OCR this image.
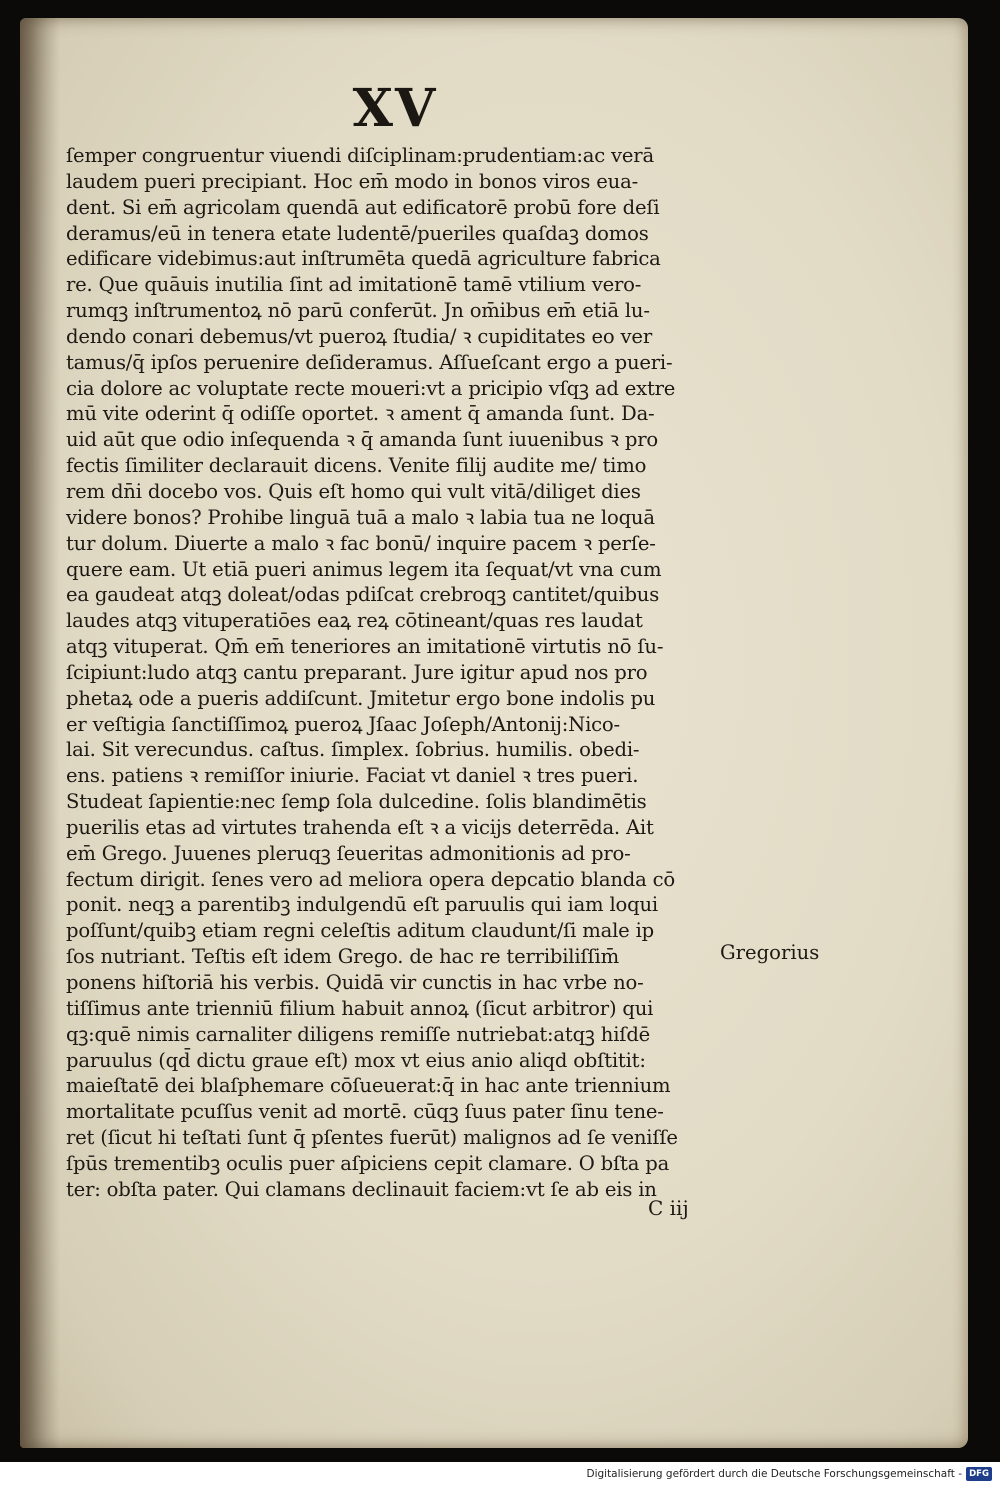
XV
ſemper congruentur viuendi diſciplinam:prudentiam:ac verā
laudem pueri precipiant. Hoc em̄ modo in bonos viros eua-
dent. Si em̄ agricolam quendā aut edificatorē probū fore deſi
deramus/eū in tenera etate ludentē/pueriles quaſdaꝫ domos
edificare videbimus:aut inſtrumēta quedā agriculture fabrica
re. Que quāuis inutilia ſint ad imitationē tamē vtilium vero-
rumqꝫ inſtrumentoꝝ nō parū conferūt. Jn om̄ibus em̄ etiā lu-
dendo conari debemus/vt pueroꝝ ſtudia/ ꝛ cupiditates eo ver
tamus/q̄ ipſos peruenire deſideramus. Aſſueſcant ergo a pueri-
cia dolore ac voluptate recte moueri:vt a pricipio vſqꝫ ad extre
mū vite oderint q̄ odiſſe oportet. ꝛ ament q̄ amanda ſunt. Da-
uid aūt que odio inſequenda ꝛ q̄ amanda ſunt iuuenibus ꝛ pro
fectis ſimiliter declarauit dicens. Venite filij audite me/ timo
rem dn̄i docebo vos. Quis eſt homo qui vult vitā/diliget dies
videre bonos? Prohibe linguā tuā a malo ꝛ labia tua ne loquā
tur dolum. Diuerte a malo ꝛ fac bonū/ inquire pacem ꝛ perſe-
quere eam. Ut etiā pueri animus legem ita ſequat/vt vna cum
ea gaudeat atqꝫ doleat/odas pdiſcat crebroqꝫ cantitet/quibus
laudes atqꝫ vituperatiōes eaꝝ reꝝ cōtineant/quas res laudat
atqꝫ vituperat. Qm̄ em̄ teneriores an imitationē virtutis nō ſu-
ſcipiunt:ludo atqꝫ cantu preparant. Jure igitur apud nos pro
phetaꝝ ode a pueris addiſcunt. Jmitetur ergo bone indolis pu
er veſtigia ſanctiſſimoꝝ pueroꝝ Jſaac Joſeph/Antonij:Nico-
lai. Sit verecundus. caſtus. ſimplex. ſobrius. humilis. obedi-
ens. patiens ꝛ remiſſor iniurie. Faciat vt daniel ꝛ tres pueri.
Studeat ſapientie:nec ſemꝑ ſola dulcedine. ſolis blandimētis
puerilis etas ad virtutes trahenda eſt ꝛ a vicijs deterrēda. Ait
em̄ Grego. Juuenes pleruqꝫ ſeueritas admonitionis ad pro-
fectum dirigit. ſenes vero ad meliora opera depcatio blanda cō
ponit. neqꝫ a parentibꝫ indulgendū eſt paruulis qui iam loqui
poſſunt/quibꝫ etiam regni celeſtis aditum claudunt/ſi male ip
ſos nutriant. Teſtis eſt idem Grego. de hac re terribiliſſim̄
ponens hiſtoriā his verbis. Quidā vir cunctis in hac vrbe no-
tiſſimus ante trienniū filium habuit annoꝝ (ſicut arbitror) qui
qꝫ:quē nimis carnaliter diligens remiſſe nutriebat:atqꝫ hiſdē
paruulus (qd̄ dictu graue eſt) mox vt eius anio aliqd obſtitit:
maieſtatē dei blaſphemare cōſueuerat:q̄ in hac ante triennium
mortalitate pcuſſus venit ad mortē. cūqꝫ ſuus pater ſinu tene-
ret (ſicut hi teſtati ſunt q̄ pſentes fuerūt) malignos ad ſe veniſſe
ſpūs trementibꝫ oculis puer aſpiciens cepit clamare. O bſta pa
ter: obſta pater. Qui clamans declinauit faciem:vt ſe ab eis in
Gregorius
C iij
Digitalisierung gefördert durch die Deutsche Forschungsgemeinschaft - DFG
